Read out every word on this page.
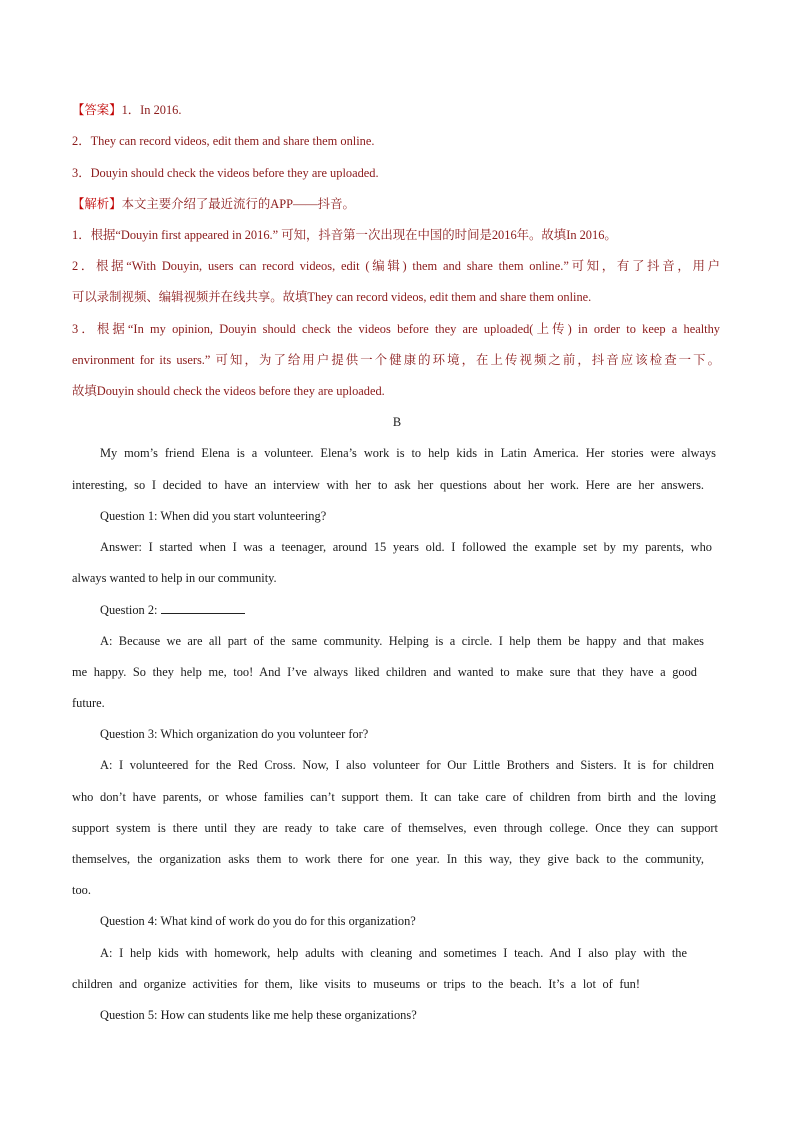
【答案】1．In 2016.
2．They can record videos, edit them and share them online.
3．Douyin should check the videos before they are uploaded.
【解析】本文主要介绍了最近流行的APP——抖音。
1．根据“Douyin first appeared in 2016.” 可知，抖音第一次出现在中国的时间是2016年。故填In 2016。
2．根据“With Douyin, users can record videos, edit (编辑) them and share them online.”可知，有了抖音，用户
可以录制视频、编辑视频并在线共享。故填They can record videos, edit them and share them online.
3．根据“In my opinion, Douyin should check the videos before they are uploaded(上传) in order to keep a healthy
environment for its users.” 可知，为了给用户提供一个健康的环境，在上传视频之前，抖音应该检查一下。
故填Douyin should check the videos before they are uploaded.
B
My mom’s friend Elena is a volunteer. Elena’s work is to help kids in Latin America. Her stories were always
interesting, so I decided to have an interview with her to ask her questions about her work. Here are her answers.
Question 1: When did you start volunteering?
Answer: I started when I was a teenager, around 15 years old. I followed the example set by my parents, who
always wanted to help in our community.
Question 2:
A: Because we are all part of the same community. Helping is a circle. I help them be happy and that makes
me happy. So they help me, too! And I’ve always liked children and wanted to make sure that they have a good
future.
Question 3: Which organization do you volunteer for?
A: I volunteered for the Red Cross. Now, I also volunteer for Our Little Brothers and Sisters. It is for children
who don’t have parents, or whose families can’t support them. It can take care of children from birth and the loving
support system is there until they are ready to take care of themselves, even through college. Once they can support
themselves, the organization asks them to work there for one year. In this way, they give back to the community,
too.
Question 4: What kind of work do you do for this organization?
A: I help kids with homework, help adults with cleaning and sometimes I teach. And I also play with the
children and organize activities for them, like visits to museums or trips to the beach. It’s a lot of fun!
Question 5: How can students like me help these organizations?
